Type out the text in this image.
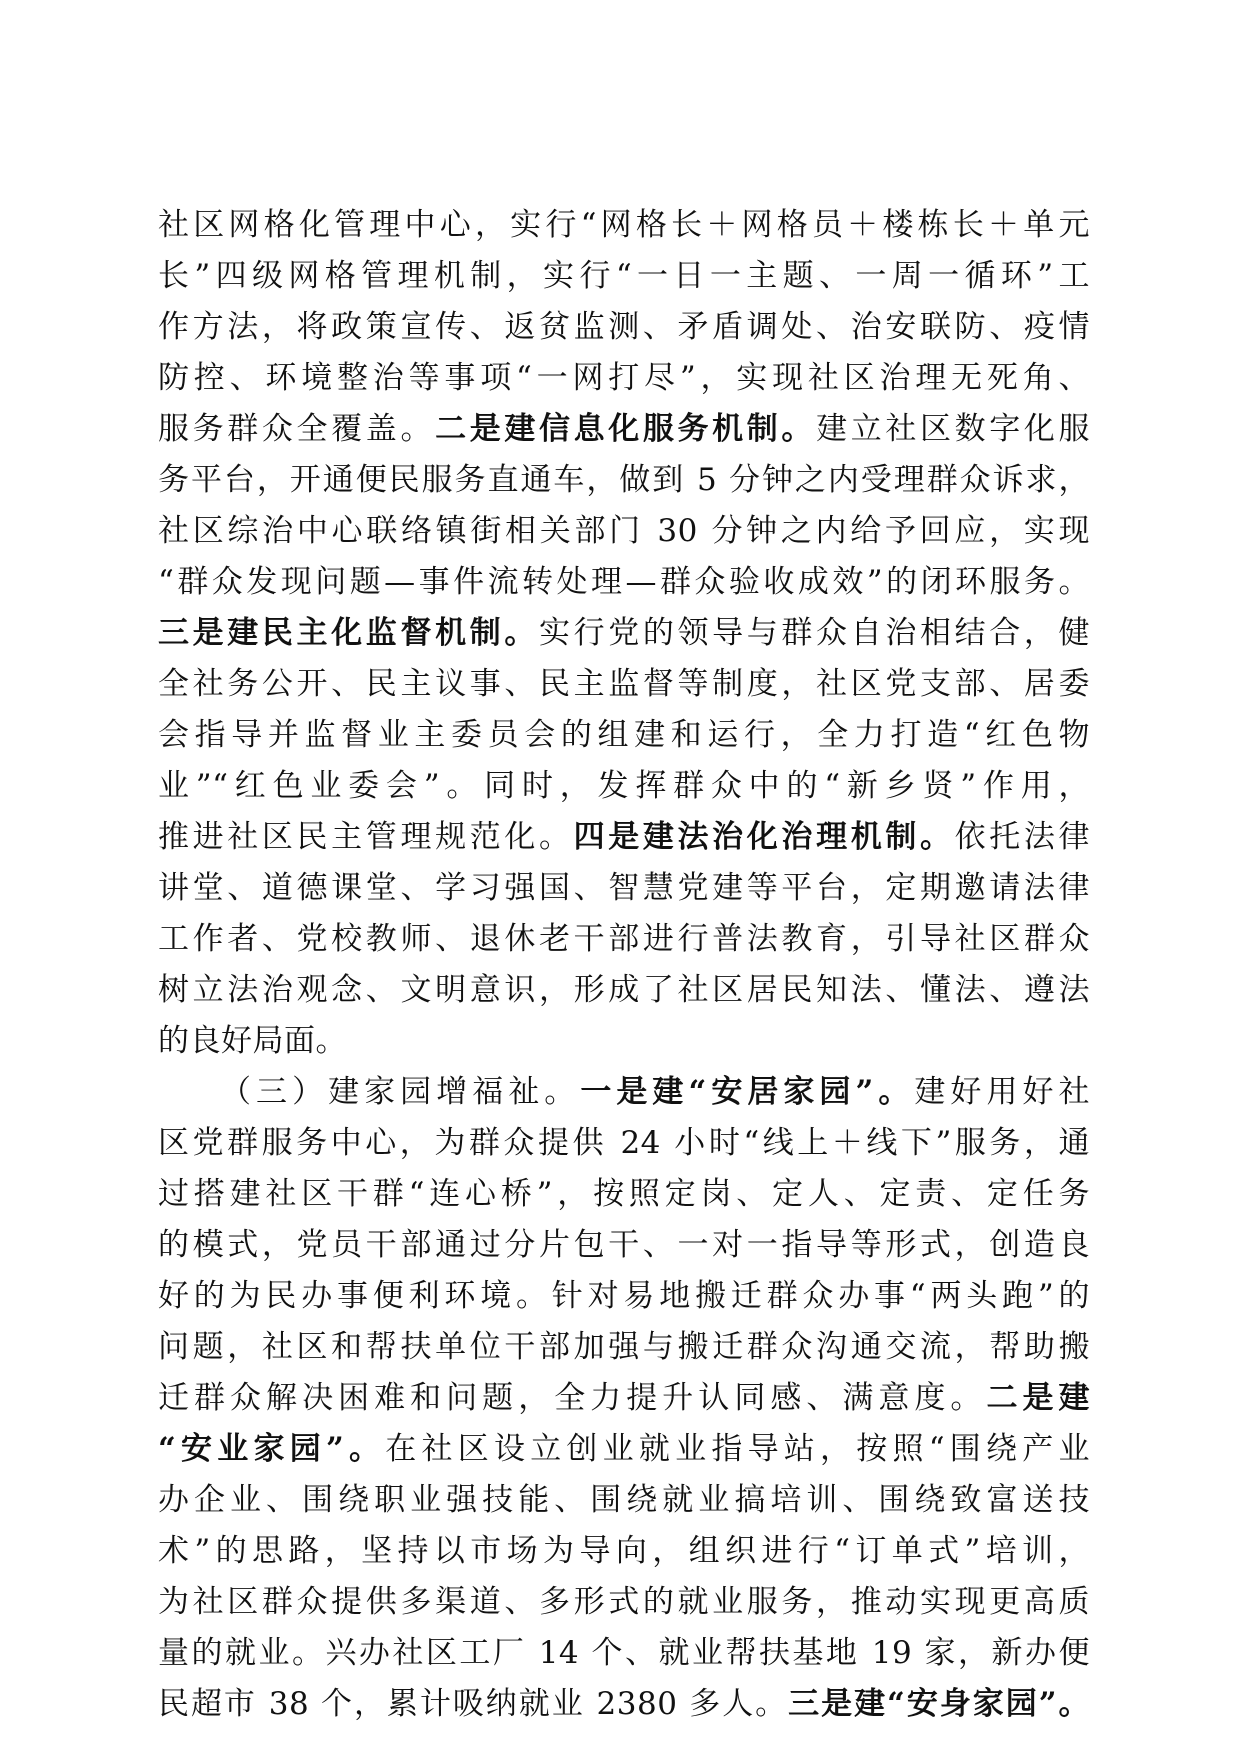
社区网格化管理中心，实行“网格长＋网格员＋楼栋长＋单元
长”四级网格管理机制，实行“一日一主题、一周一循环”工
作方法，将政策宣传、返贫监测、矛盾调处、治安联防、疫情
防控、环境整治等事项“一网打尽”，实现社区治理无死角、
服务群众全覆盖。二是建信息化服务机制。建立社区数字化服
务平台，开通便民服务直通车，做到 5 分钟之内受理群众诉求，
社区综治中心联络镇街相关部门 30 分钟之内给予回应，实现
“群众发现问题—事件流转处理—群众验收成效”的闭环服务。
三是建民主化监督机制。实行党的领导与群众自治相结合，健
全社务公开、民主议事、民主监督等制度，社区党支部、居委
会指导并监督业主委员会的组建和运行，全力打造“红色物
业”“红色业委会”。同时，发挥群众中的“新乡贤”作用，
推进社区民主管理规范化。四是建法治化治理机制。依托法律
讲堂、道德课堂、学习强国、智慧党建等平台，定期邀请法律
工作者、党校教师、退休老干部进行普法教育，引导社区群众
树立法治观念、文明意识，形成了社区居民知法、懂法、遵法
的良好局面。
（三）建家园增福祉。一是建“安居家园”。建好用好社
区党群服务中心，为群众提供 24 小时“线上＋线下”服务，通
过搭建社区干群“连心桥”，按照定岗、定人、定责、定任务
的模式，党员干部通过分片包干、一对一指导等形式，创造良
好的为民办事便利环境。针对易地搬迁群众办事“两头跑”的
问题，社区和帮扶单位干部加强与搬迁群众沟通交流，帮助搬
迁群众解决困难和问题，全力提升认同感、满意度。二是建
“安业家园”。在社区设立创业就业指导站，按照“围绕产业
办企业、围绕职业强技能、围绕就业搞培训、围绕致富送技
术”的思路，坚持以市场为导向，组织进行“订单式”培训，
为社区群众提供多渠道、多形式的就业服务，推动实现更高质
量的就业。兴办社区工厂 14 个、就业帮扶基地 19 家，新办便
民超市 38 个，累计吸纳就业 2380 多人。三是建“安身家园”。
